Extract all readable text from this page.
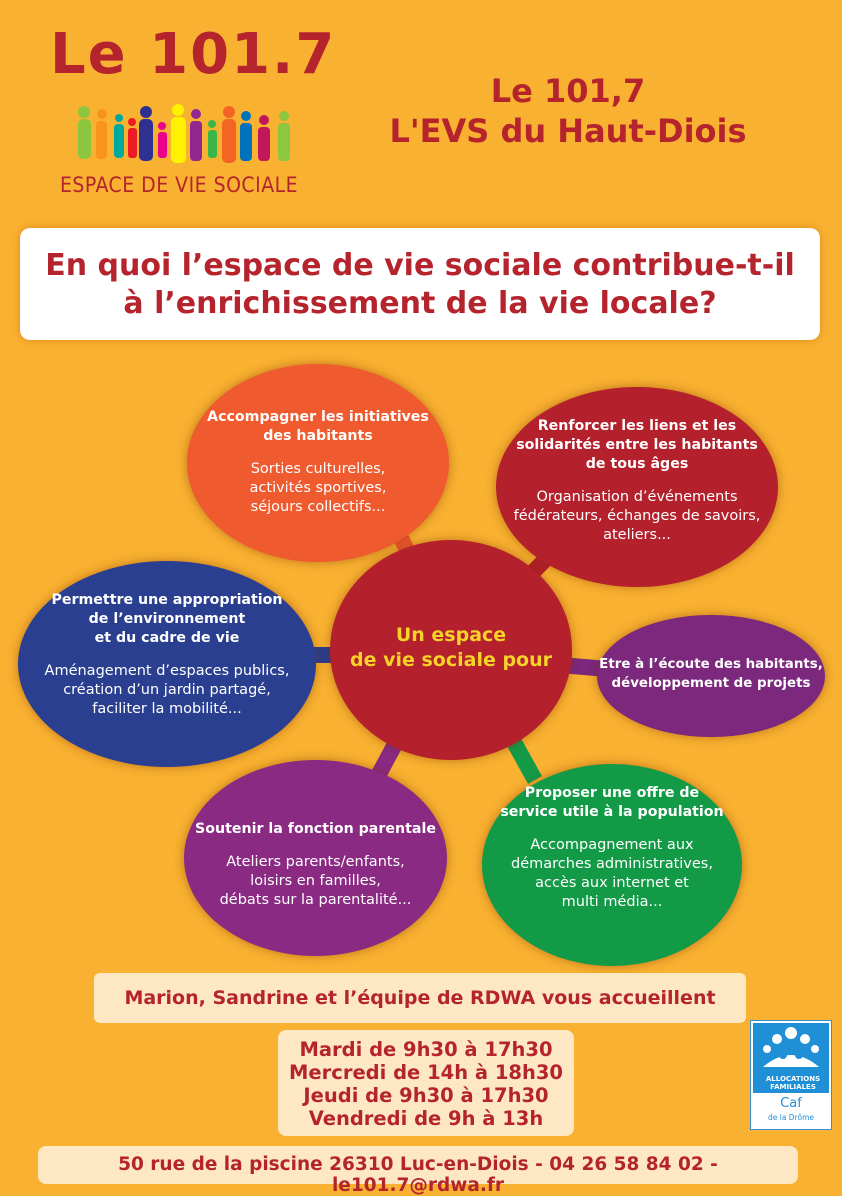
Le 101.7
ESPACE DE VIE SOCIALE
Le 101,7
L'EVS du Haut-Diois
En quoi l’espace de vie sociale contribue-t-il
à l’enrichissement de la vie locale?
Accompagner les initiatives
des habitants
Sorties culturelles,
activités sportives,
séjours collectifs...
Renforcer les liens et les
solidarités entre les habitants
de tous âges
Organisation d’événements
fédérateurs, échanges de savoirs,
ateliers...
Permettre une appropriation
de l’environnement
et du cadre de vie
Aménagement d’espaces publics,
création d’un jardin partagé,
faciliter la mobilité...
Etre à l’écoute des habitants,
développement de projets
Soutenir la fonction parentale
Ateliers parents/enfants,
loisirs en familles,
débats sur la parentalité...
Proposer une offre de
service utile à la population
Accompagnement aux
démarches administratives,
accès aux internet et
multi média...
Un espace
de vie sociale pour
Marion, Sandrine et l’équipe de RDWA vous accueillent
Mardi de 9h30 à 17h30
Mercredi de 14h à 18h30
Jeudi de 9h30 à 17h30
Vendredi de 9h à 13h
ALLOCATIONS FAMILIALES
Caf
de la Drôme
50 rue de la piscine 26310 Luc-en-Diois - 04 26 58 84 02 - le101.7@rdwa.fr
